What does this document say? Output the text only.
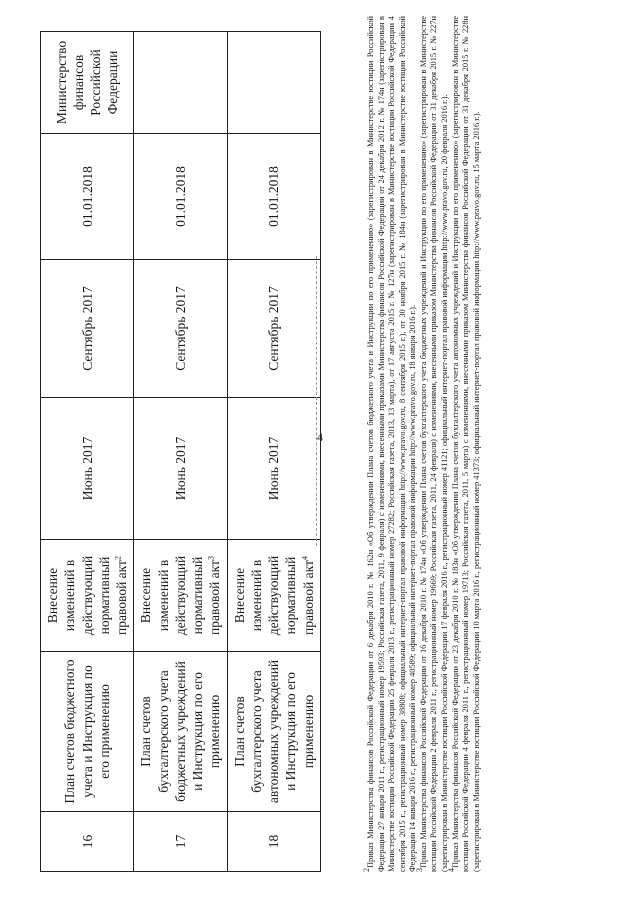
4
16	План счетов бюджетного учета и Инструкция по его применению	Внесение изменений в действующий нормативный правовой акт$^2$	Июнь 2017	Сентябрь 2017	01.01.2018	Министерство финансов Российской Федерации
17	План счетов бухгалтерского учета бюджетных учреждений и Инструкция по его применению	Внесение изменений в действующий нормативный правовой акт$^3$	Июнь 2017	Сентябрь 2017	01.01.2018	
18	План счетов бухгалтерского учета автономных учреждений и Инструкция по его применению	Внесение изменений в действующий нормативный правовой акт$^4$	Июнь 2017	Сентябрь 2017	01.01.2018	

$^2$Приказ Министерства финансов Российской Федерации от 6 декабря 2010 г. № 162н «Об утверждении Плана счетов бюджетного учета и Инструкции по его применению» (зарегистрирован в Министерстве юстиции Российской Федерации 27 января 2011 г., регистрационный номер 19593; Российская газета, 2011, 9 февраля) с изменениями, внесенными приказами Министерства финансов Российской Федерации от 24 декабря 2012 г. № 174н (зарегистрирован в Министерстве юстиции Российской Федерации 25 февраля 2013 г., регистрационный номер 27282; Российская газета, 2013, 13 марта), от 17 августа 2015 г. № 127н (зарегистрирован в Министерстве юстиции Российской Федерации 4 сентября 2015 г., регистрационный номер 38808; официальный интернет-портал правовой информации http://www.pravo.gov.ru, 8 сентября 2015 г.), от 30 ноября 2015 г. № 184н (зарегистрирован в Министерстве юстиции Российской Федерации 14 января 2016 г., регистрационный номер 40589; официальный интернет-портал правовой информации http://www.pravo.gov.ru, 18 января 2016 г.).

$^3$Приказ Министерства финансов Российской Федерации от 16 декабря 2010 г. № 174н «Об утверждении Плана счетов бухгалтерского учета бюджетных учреждений и Инструкции по его применению» (зарегистрирован в Министерстве юстиции Российской Федерации 2 февраля 2011 г., регистрационный номер 19669; Российская газета, 2011, 24 февраля) с изменениями, внесенными приказом Министерства финансов Российской Федерации от 31 декабря 2015 г. № 227н (зарегистрирован в Министерстве юстиции Российской Федерации 17 февраля 2016 г., регистрационный номер 41121; официальный интернет-портал правовой информации http://www.pravo.gov.ru, 20 февраля 2016 г.).

$^4$Приказ Министерства финансов Российской Федерации от 23 декабря 2010 г. № 183н «Об утверждении Плана счетов бухгалтерского учета автономных учреждений и Инструкции по его применению» (зарегистрирован в Министерстве юстиции Российской Федерации 4 февраля 2011 г., регистрационный номер 19713; Российская газета, 2011, 5 марта) с изменениями, внесенными приказом Министерства финансов Российской Федерации от 31 декабря 2015 г. № 228н (зарегистрирован в Министерстве юстиции Российской Федерации 10 марта 2016 г., регистрационный номер 41373; официальный интернет-портал правовой информации http://www.pravo.gov.ru, 15 марта 2016 г.).
